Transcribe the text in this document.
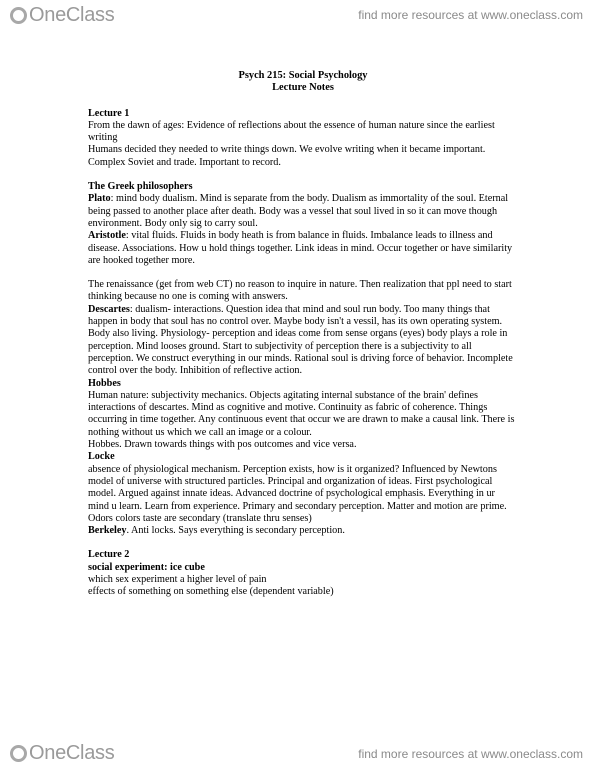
OneClass	find more resources at www.oneclass.com
Psych 215: Social Psychology
Lecture Notes

Lecture 1

From the dawn of ages: Evidence of reflections about the essence of human nature since the earliest writing

Humans decided they needed to write things down. We evolve writing when it became important. Complex Soviet and trade. Important to record.

The Greek philosophers

Plato: mind body dualism. Mind is separate from the body. Dualism as immortality of the soul. Eternal being passed to another place after death. Body was a vessel that soul lived in so it can move though environment. Body only sig to carry soul.

Aristotle: vital fluids. Fluids in body heath is from balance in fluids. Imbalance leads to illness and disease. Associations. How u hold things together. Link ideas in mind. Occur together or have similarity are hooked together more.

The renaissance (get from web CT) no reason to inquire in nature. Then realization that ppl need to start thinking because no one is coming with answers.

Descartes: dualism- interactions. Question idea that mind and soul run body. Too many things that happen in body that soul has no control over. Maybe body isn't a vessil, has its own operating system. Body also living. Physiology- perception and ideas come from sense organs (eyes) body plays a role in perception. Mind looses ground. Start to subjectivity of perception there is a subjectivity to all perception. We construct everything in our minds. Rational soul is driving force of behavior. Incomplete control over the body. Inhibition of reflective action.

Hobbes

Human nature: subjectivity mechanics. Objects agitating internal substance of the brain' defines interactions of descartes. Mind as cognitive and motive. Continuity as fabric of coherence. Things occurring in time together. Any continuous event that occur we are drawn to make a causal link. There is nothing without us which we call an image or a colour.

Hobbes. Drawn towards things with pos outcomes and vice versa.

Locke

absence of physiological mechanism. Perception exists, how is it organized? Influenced by Newtons model of universe with structured particles. Principal and organization of ideas. First psychological model. Argued against innate ideas. Advanced doctrine of psychological emphasis. Everything in ur mind u learn. Learn from experience. Primary and secondary perception. Matter and motion are prime. Odors colors taste are secondary (translate thru senses)

Berkeley. Anti locks. Says everything is secondary perception.

Lecture 2

social experiment: ice cube

which sex experiment a higher level of pain

effects of something on something else (dependent variable)

OneClass	find more resources at www.oneclass.com
